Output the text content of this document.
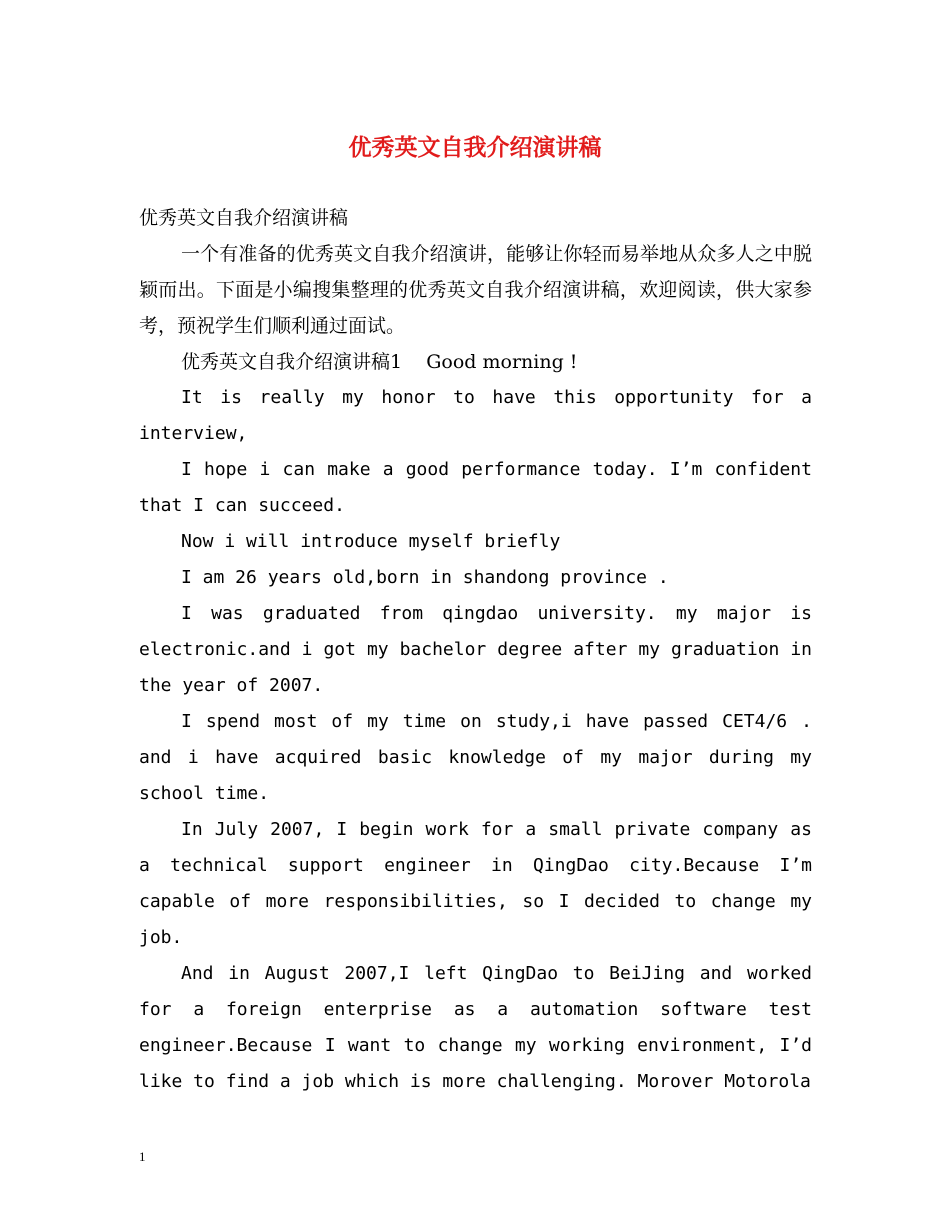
优秀英文自我介绍演讲稿

优秀英文自我介绍演讲稿

一个有准备的优秀英文自我介绍演讲，能够让你轻而易举地从众多人之中脱颖而出。下面是小编搜集整理的优秀英文自我介绍演讲稿，欢迎阅读，供大家参考，预祝学生们顺利通过面试。

优秀英文自我介绍演讲稿1    Good morning !

It is really my honor to have this opportunity for a interview,

I hope i can make a good performance today. I’m confident that I can succeed.

Now i will introduce myself briefly

I am 26 years old,born in shandong province .

I was graduated from qingdao university. my major is electronic.and i got my bachelor degree after my graduation in the year of 2007.

I spend most of my time on study,i have passed CET4/6 . and i have acquired basic knowledge of my major during my school time.

In July 2007, I begin work for a small private company as a technical support engineer in QingDao city.Because I’m capable of more responsibilities, so I decided to change my job.

And in August 2007,I left QingDao to BeiJing and worked for a foreign enterprise as a automation software test engineer.Because I want to change my working environment, I’d like to find a job which is more challenging. Morover Motorola

1
